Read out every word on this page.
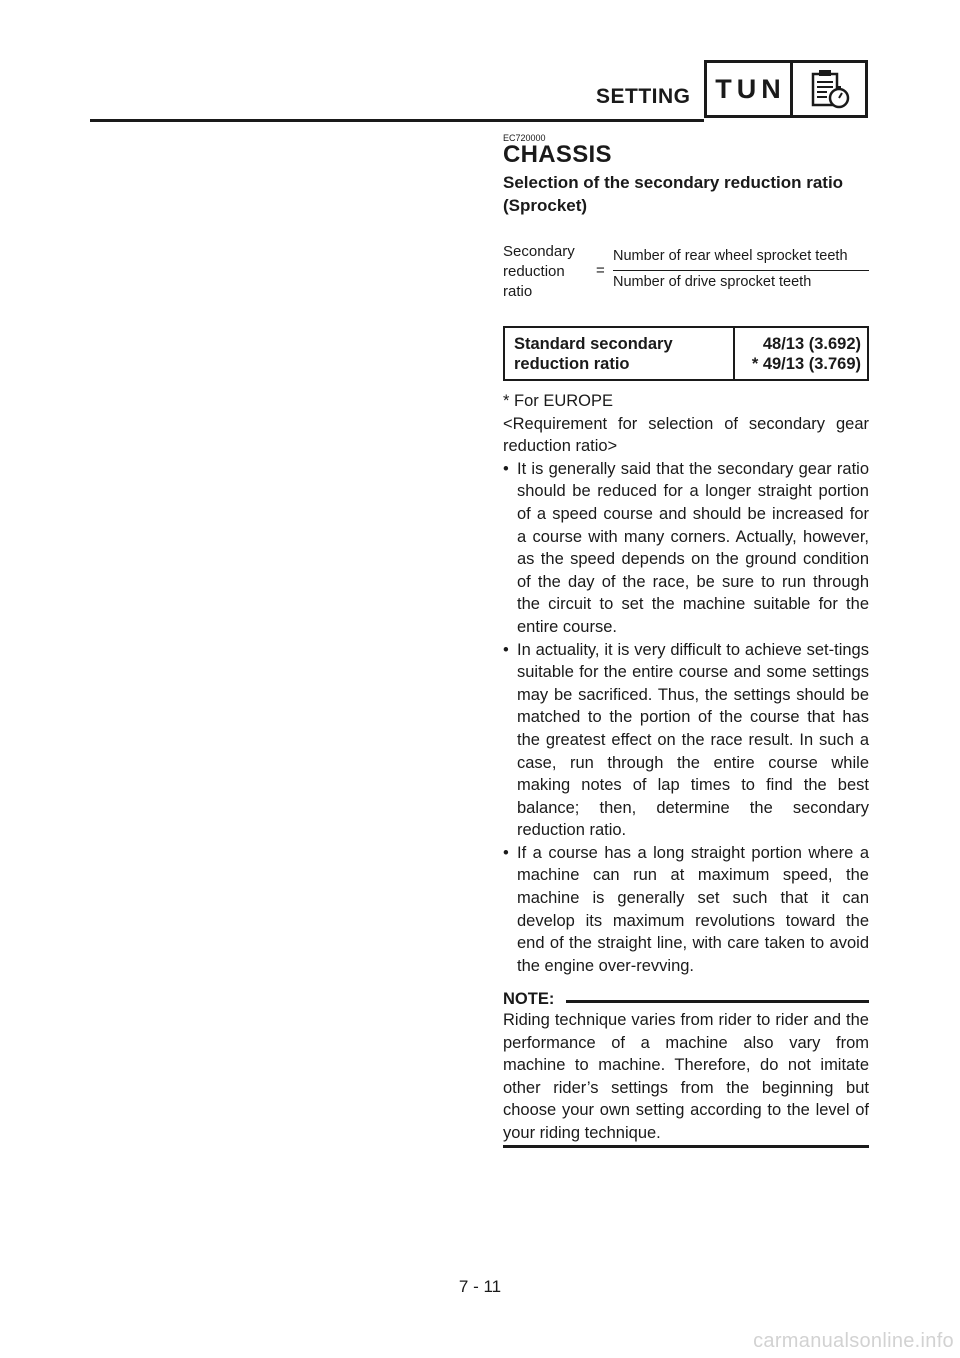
SETTING TUN
EC720000
CHASSIS
Selection of the secondary reduction ratio (Sprocket)
Secondary
reduction
ratio
=
Number of rear wheel sprocket teeth
Number of drive sprocket teeth
Standard secondary
reduction ratio
48/13 (3.692)
* 49/13 (3.769)

* For EUROPE

<Requirement for selection of secondary gear reduction ratio>

• It is generally said that the secondary gear ratio should be reduced for a longer straight portion of a speed course and should be increased for a course with many corners. Actually, however, as the speed depends on the ground condition of the day of the race, be sure to run through the circuit to set the machine suitable for the entire course.
• In actuality, it is very difficult to achieve set-tings suitable for the entire course and some settings may be sacrificed. Thus, the settings should be matched to the portion of the course that has the greatest effect on the race result. In such a case, run through the entire course while making notes of lap times to find the best balance; then, determine the secondary reduction ratio.
• If a course has a long straight portion where a machine can run at maximum speed, the machine is generally set such that it can develop its maximum revolutions toward the end of the straight line, with care taken to avoid the engine over-revving.
NOTE:

Riding technique varies from rider to rider and the performance of a machine also vary from machine to machine. Therefore, do not imitate other rider’s settings from the beginning but choose your own setting according to the level of your riding technique.

7 - 11
carmanualsonline.info
